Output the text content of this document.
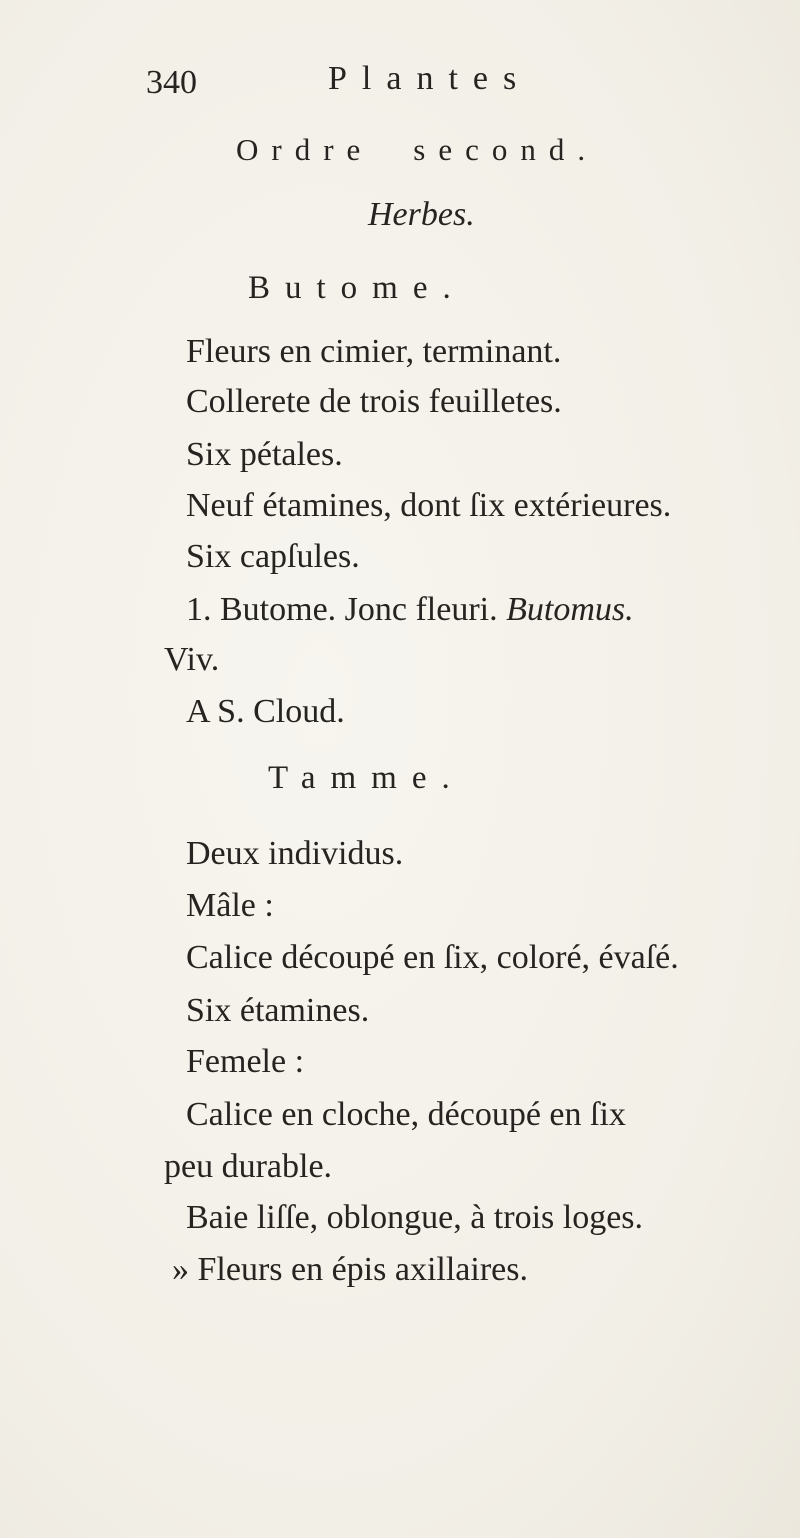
340	Plantes
Ordre second.
Herbes.
Butome.
Fleurs en cimier, terminant.
Collerete de trois feuilletes.
Six pétales.
Neuf étamines, dont ſix extérieures.
Six capſules.
1. Butome. Jonc fleuri. Butomus.
Viv.
A S. Cloud.
Tamme.
Deux individus.
Mâle :
Calice découpé en ſix, coloré, évaſé.
Six étamines.
Femele :
Calice en cloche, découpé en ſix
peu durable.
Baie liſſe, oblongue, à trois loges.
» Fleurs en épis axillaires.
